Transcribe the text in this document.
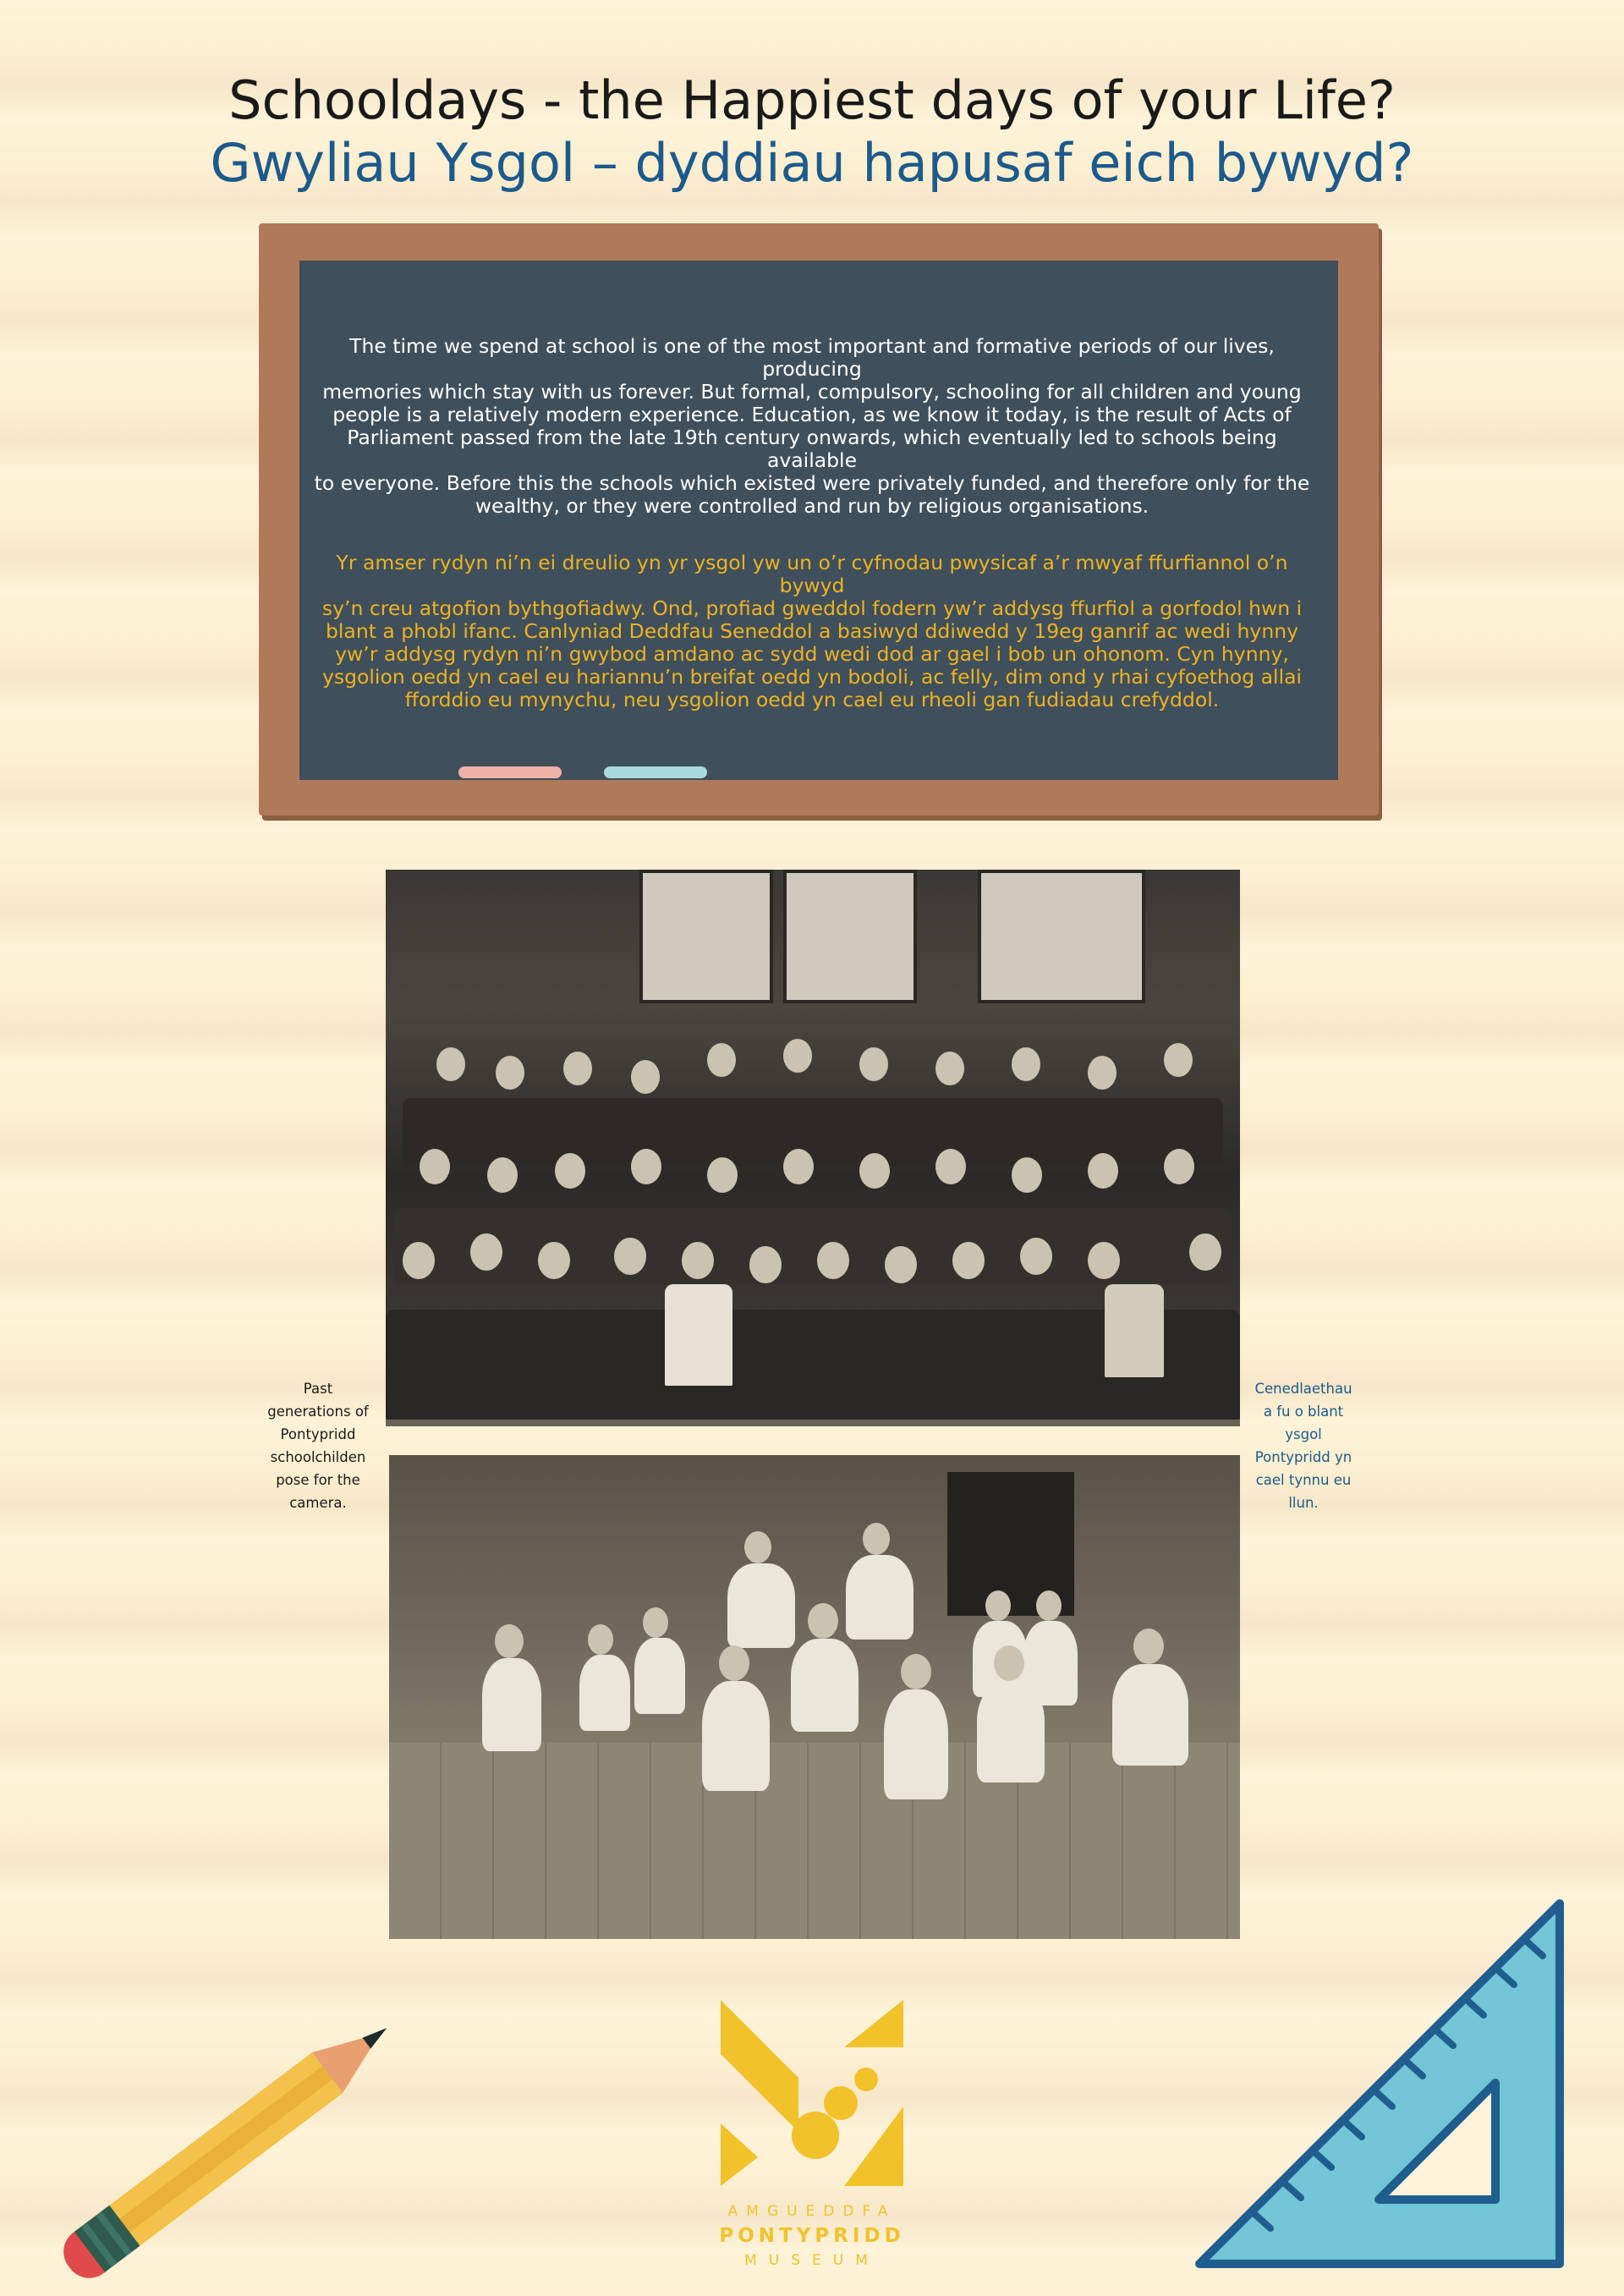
Schooldays - the Happiest days of your Life?
Gwyliau Ysgol – dyddiau hapusaf eich bywyd?

The time we spend at school is one of the most important and formative periods of our lives, producing
memories which stay with us forever. But formal, compulsory, schooling for all children and young
people is a relatively modern experience. Education, as we know it today, is the result of Acts of
Parliament passed from the late 19th century onwards, which eventually led to schools being available
to everyone. Before this the schools which existed were privately funded, and therefore only for the
wealthy, or they were controlled and run by religious organisations.

Yr amser rydyn ni’n ei dreulio yn yr ysgol yw un o’r cyfnodau pwysicaf a’r mwyaf ffurfiannol o’n bywyd
sy’n creu atgofion bythgofiadwy. Ond, profiad gweddol fodern yw’r addysg ffurfiol a gorfodol hwn i
blant a phobl ifanc. Canlyniad Deddfau Seneddol a basiwyd ddiwedd y 19eg ganrif ac wedi hynny
yw’r addysg rydyn ni’n gwybod amdano ac sydd wedi dod ar gael i bob un ohonom. Cyn hynny,
ysgolion oedd yn cael eu hariannu’n breifat oedd yn bodoli, ac felly, dim ond y rhai cyfoethog allai
fforddio eu mynychu, neu ysgolion oedd yn cael eu rheoli gan fudiadau crefyddol.

Past
generations of
Pontypridd
schoolchilden
pose for the
camera.

Cenedlaethau
a fu o blant
ysgol
Pontypridd yn
cael tynnu eu
llun.

AMGUEDDFA

PONTYPRIDD

MUSEUM
